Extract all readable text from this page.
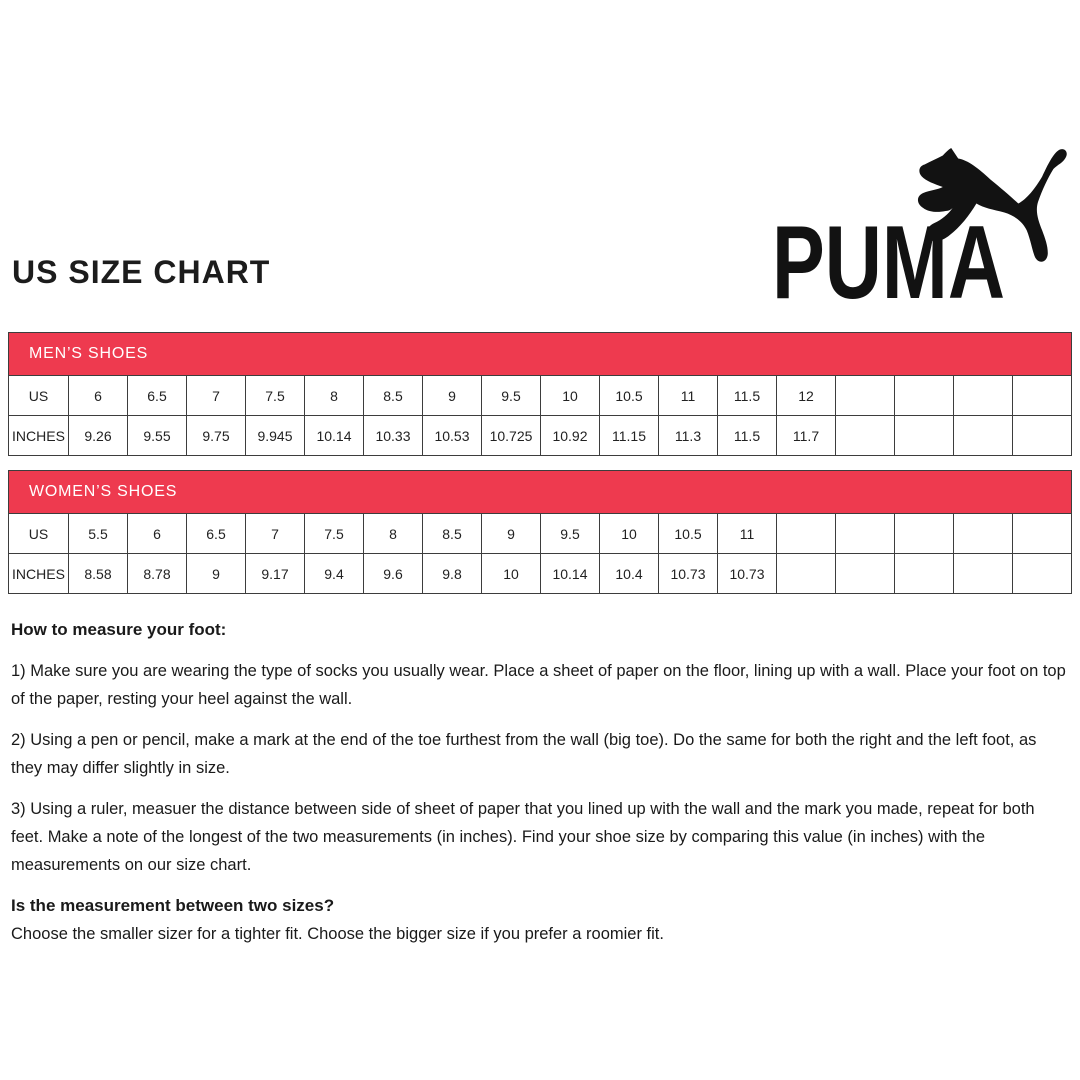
US SIZE CHART	PUMA
MEN’S SHOES																	
US	6	6.5	7	7.5	8	8.5	9	9.5	10	10.5	11	11.5	12				
INCHES	9.26	9.55	9.75	9.945	10.14	10.33	10.53	10.725	10.92	11.15	11.3	11.5	11.7				
WOMEN’S SHOES																	
US	5.5	6	6.5	7	7.5	8	8.5	9	9.5	10	10.5	11					
INCHES	8.58	8.78	9	9.17	9.4	9.6	9.8	10	10.14	10.4	10.73	10.73					
How to measure your foot:

1) Make sure you are wearing the type of socks you usually wear. Place a sheet of paper on the floor, lining up with a wall. Place your foot on top of the paper, resting your heel against the wall.

2) Using a pen or pencil, make a mark at the end of the toe furthest from the wall (big toe). Do the same for both the right and the left foot, as they may differ slightly in size.

3) Using a ruler, measuer the distance between side of sheet of paper that you lined up with the wall and the mark you made, repeat for both feet. Make a note of the longest of the two measurements (in inches). Find your shoe size by comparing this value (in inches) with the measurements on our size chart.

Is the measurement between two sizes?

Choose the smaller sizer for a tighter fit. Choose the bigger size if you prefer a roomier fit.
